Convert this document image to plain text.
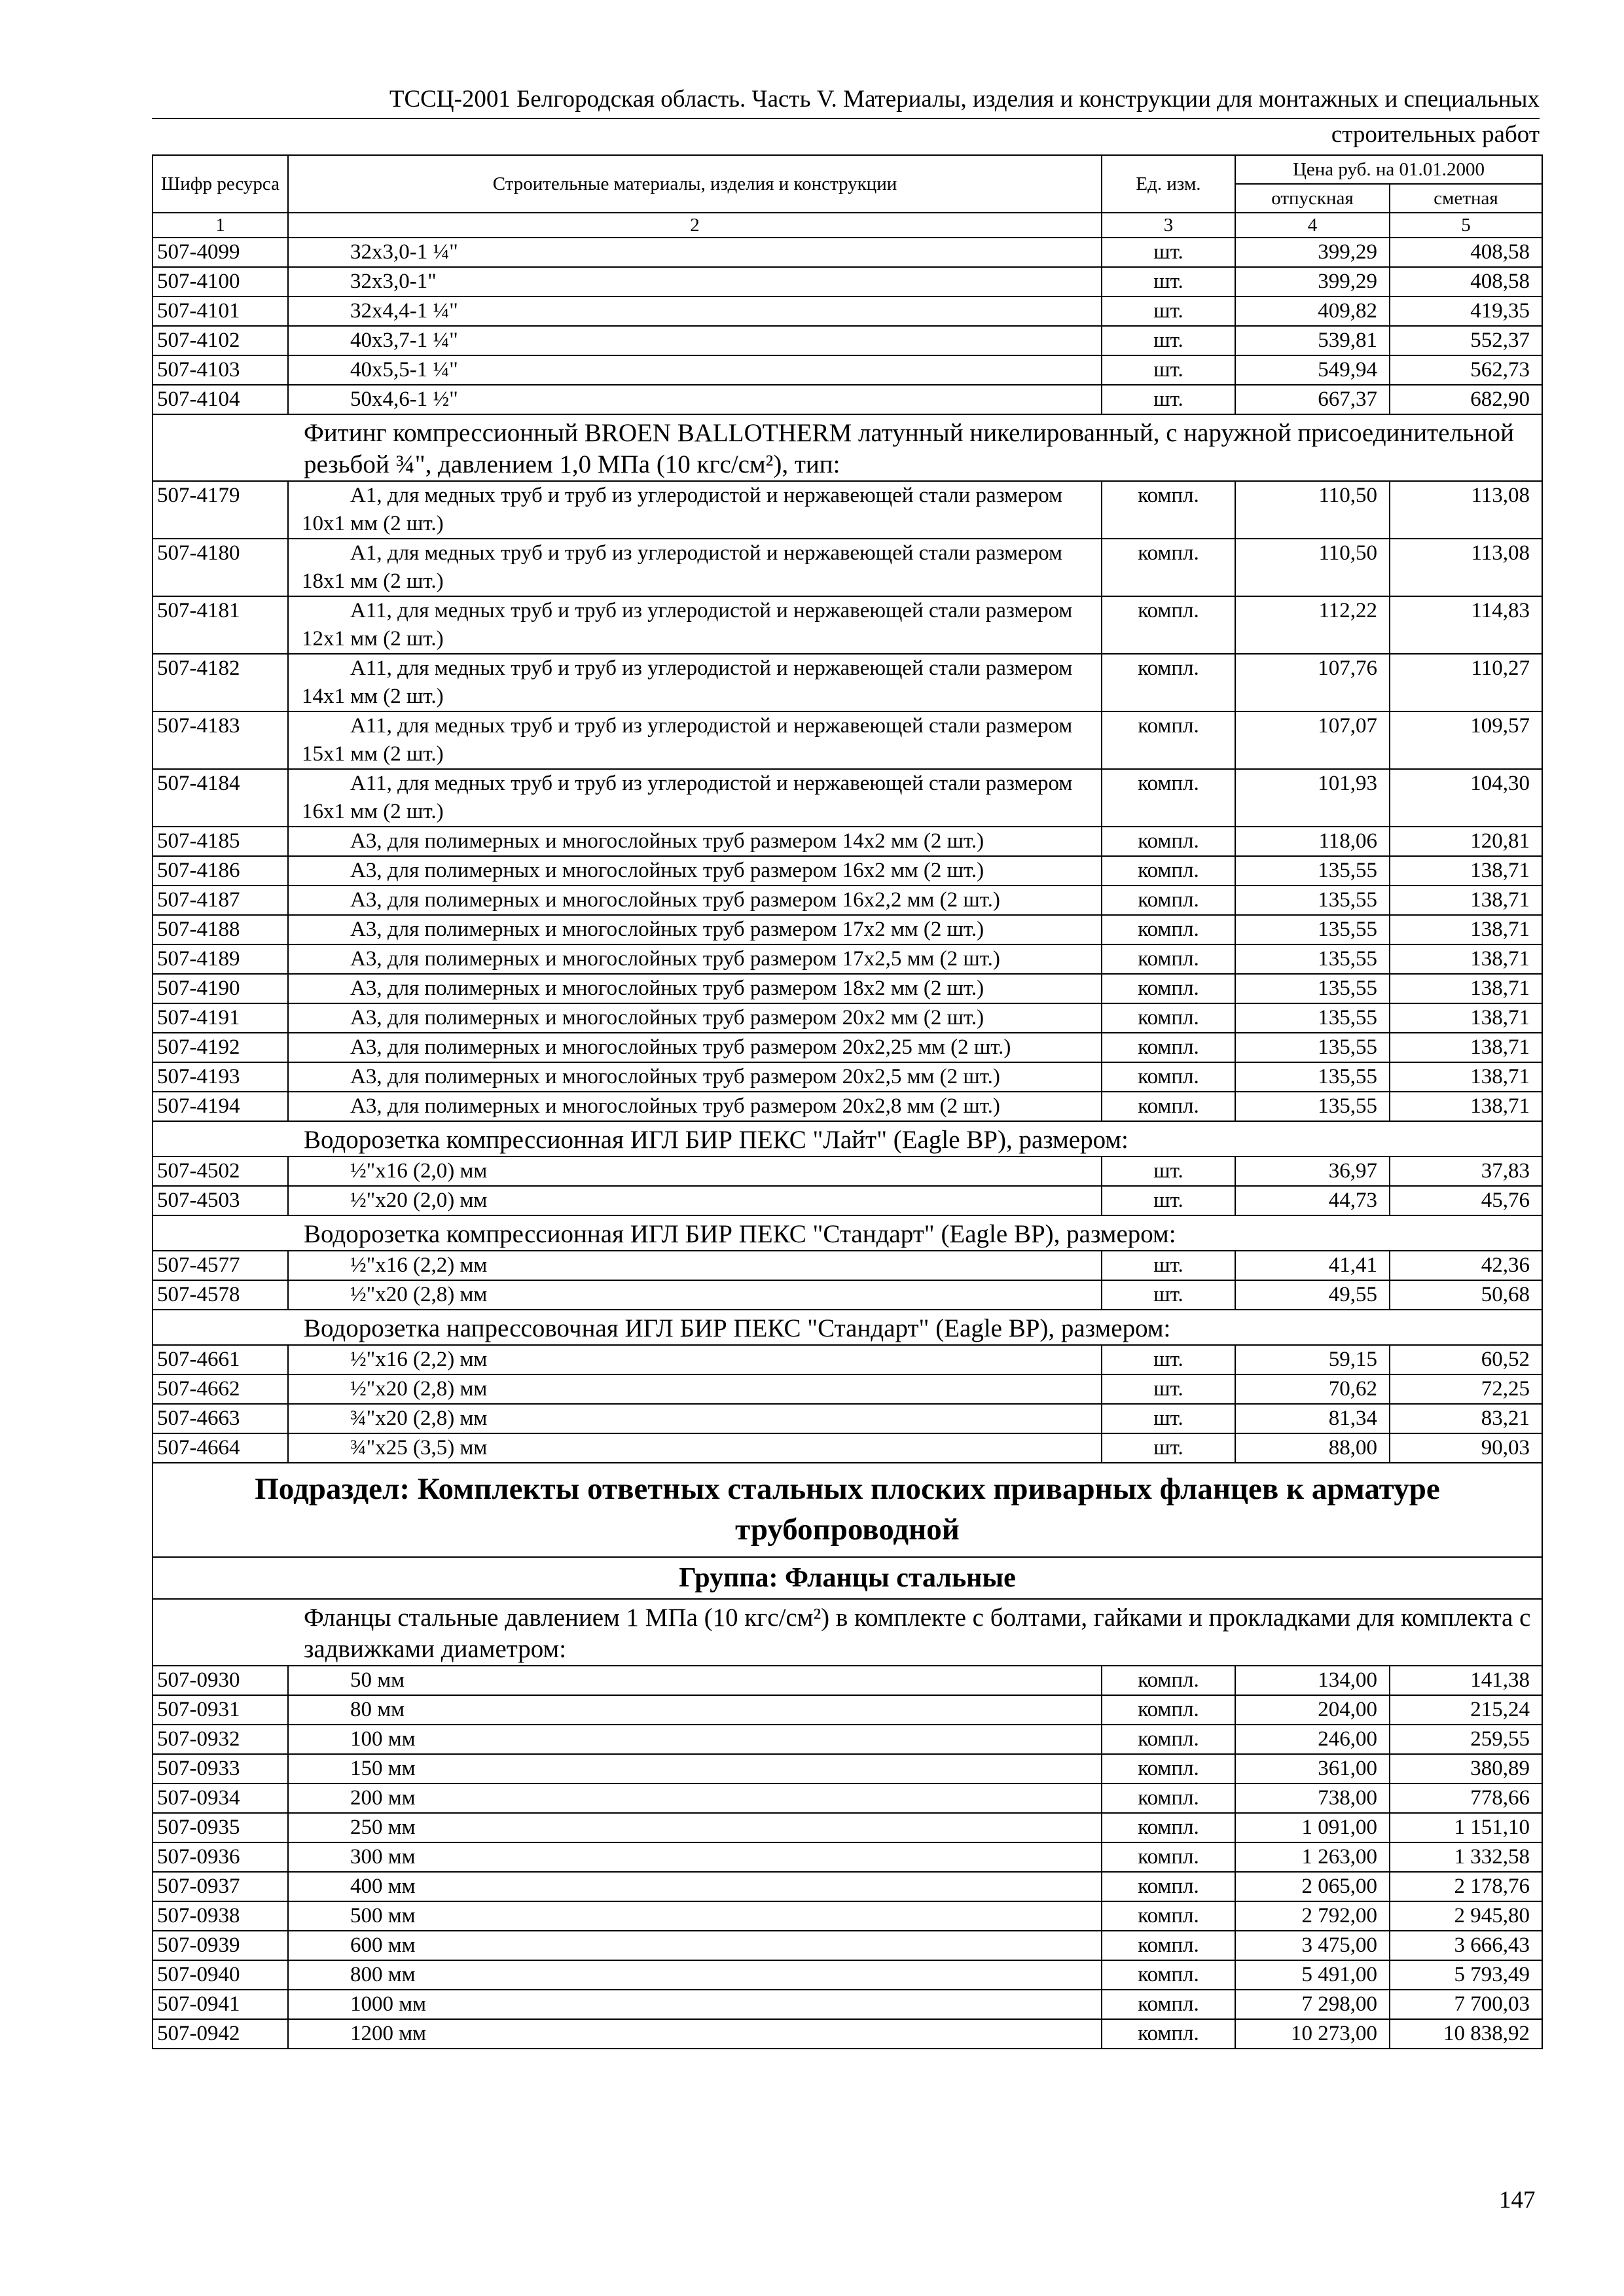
ТССЦ-2001 Белгородская область. Часть V. Материалы, изделия и конструкции для монтажных и специальных
строительных работ
Шифр ресурса	Строительные материалы, изделия и конструкции	Ед. изм.	Цена руб. на 01.01.2000	
			отпускная	сметная
1	2	3	4	5
507-4099	32х3,0-1 ¼"	шт.	399,29	408,58
507-4100	32х3,0-1"	шт.	399,29	408,58
507-4101	32х4,4-1 ¼"	шт.	409,82	419,35
507-4102	40х3,7-1 ¼"	шт.	539,81	552,37
507-4103	40х5,5-1 ¼"	шт.	549,94	562,73
507-4104	50х4,6-1 ½"	шт.	667,37	682,90
Фитинг компрессионный BROEN BALLOTHERM латунный никелированный, с наружной присоединительной резьбой ¾", давлением 1,0 МПа (10 кгс/см²), тип:				
507-4179	А1, для медных труб и труб из углеродистой и нержавеющей стали размером 10х1 мм (2 шт.)	компл.	110,50	113,08
507-4180	А1, для медных труб и труб из углеродистой и нержавеющей стали размером 18х1 мм (2 шт.)	компл.	110,50	113,08
507-4181	А11, для медных труб и труб из углеродистой и нержавеющей стали размером 12х1 мм (2 шт.)	компл.	112,22	114,83
507-4182	А11, для медных труб и труб из углеродистой и нержавеющей стали размером 14х1 мм (2 шт.)	компл.	107,76	110,27
507-4183	А11, для медных труб и труб из углеродистой и нержавеющей стали размером 15х1 мм (2 шт.)	компл.	107,07	109,57
507-4184	А11, для медных труб и труб из углеродистой и нержавеющей стали размером 16х1 мм (2 шт.)	компл.	101,93	104,30
507-4185	А3, для полимерных и многослойных труб размером 14х2 мм (2 шт.)	компл.	118,06	120,81
507-4186	А3, для полимерных и многослойных труб размером 16х2 мм (2 шт.)	компл.	135,55	138,71
507-4187	А3, для полимерных и многослойных труб размером 16х2,2 мм (2 шт.)	компл.	135,55	138,71
507-4188	А3, для полимерных и многослойных труб размером 17х2 мм (2 шт.)	компл.	135,55	138,71
507-4189	А3, для полимерных и многослойных труб размером 17х2,5 мм (2 шт.)	компл.	135,55	138,71
507-4190	А3, для полимерных и многослойных труб размером 18х2 мм (2 шт.)	компл.	135,55	138,71
507-4191	А3, для полимерных и многослойных труб размером 20х2 мм (2 шт.)	компл.	135,55	138,71
507-4192	А3, для полимерных и многослойных труб размером 20х2,25 мм (2 шт.)	компл.	135,55	138,71
507-4193	А3, для полимерных и многослойных труб размером 20х2,5 мм (2 шт.)	компл.	135,55	138,71
507-4194	А3, для полимерных и многослойных труб размером 20х2,8 мм (2 шт.)	компл.	135,55	138,71
Водорозетка компрессионная ИГЛ БИР ПЕКС "Лайт" (Eagle BP), размером:				
507-4502	½"х16 (2,0) мм	шт.	36,97	37,83
507-4503	½"х20 (2,0) мм	шт.	44,73	45,76
Водорозетка компрессионная ИГЛ БИР ПЕКС "Стандарт" (Eagle BP), размером:				
507-4577	½"х16 (2,2) мм	шт.	41,41	42,36
507-4578	½"х20 (2,8) мм	шт.	49,55	50,68
Водорозетка напрессовочная ИГЛ БИР ПЕКС "Стандарт" (Eagle BP), размером:				
507-4661	½"х16 (2,2) мм	шт.	59,15	60,52
507-4662	½"х20 (2,8) мм	шт.	70,62	72,25
507-4663	¾"х20 (2,8) мм	шт.	81,34	83,21
507-4664	¾"х25 (3,5) мм	шт.	88,00	90,03
Подраздел: Комплекты ответных стальных плоских приварных фланцев к арматуре трубопроводной				
Группа: Фланцы стальные				
Фланцы стальные давлением 1 МПа (10 кгс/см²) в комплекте с болтами, гайками и прокладками для комплекта с задвижками диаметром:				
507-0930	50 мм	компл.	134,00	141,38
507-0931	80 мм	компл.	204,00	215,24
507-0932	100 мм	компл.	246,00	259,55
507-0933	150 мм	компл.	361,00	380,89
507-0934	200 мм	компл.	738,00	778,66
507-0935	250 мм	компл.	1 091,00	1 151,10
507-0936	300 мм	компл.	1 263,00	1 332,58
507-0937	400 мм	компл.	2 065,00	2 178,76
507-0938	500 мм	компл.	2 792,00	2 945,80
507-0939	600 мм	компл.	3 475,00	3 666,43
507-0940	800 мм	компл.	5 491,00	5 793,49
507-0941	1000 мм	компл.	7 298,00	7 700,03
507-0942	1200 мм	компл.	10 273,00	10 838,92
147
